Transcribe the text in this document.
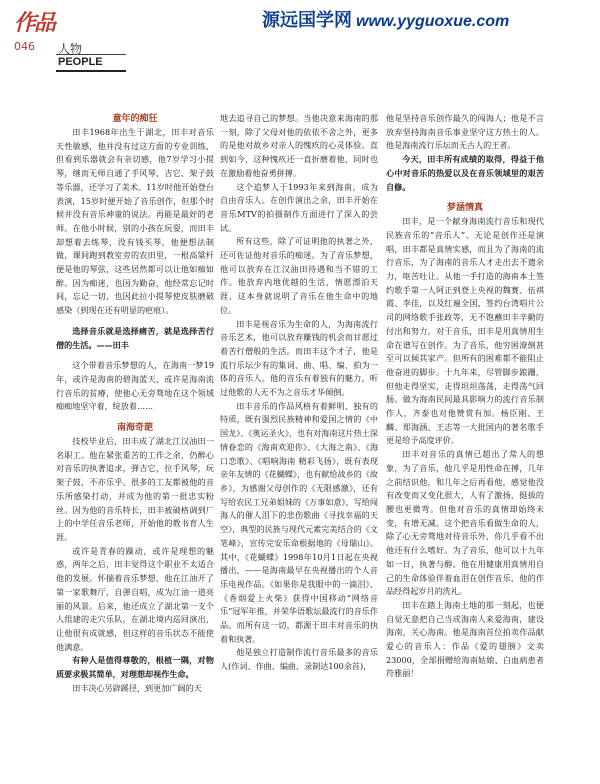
作品
046 人物
PEOPLE
源远国学网 www.yyguoxue.com
童年的痴狂

田丰1968年出生于湖北，田丰对音乐天性敏感，他并没有过这方面的专业训练，但看到乐器就会有亲切感，他7岁学习小提琴，继而无师自通了手风琴、吉它、架子鼓等乐器，还学习了美术。11岁时他开始登台表演，15岁时便开始了音乐创作，但那个时候并没有音乐神童的说法。再能是最好的老师。在他小时候，别的小孩在玩耍，而田丰却想着去练琴，没有钱买琴，他便想法制做，课间跑到教室旁的农田里，一根高粱杆便是他的琴弦，这些居然都可以让他如痴如醉。因为痴迷，也因为勤奋，他经常忘记时间，忘记一切，也因此拉小提琴使皮肤磨破感染（到现在还有明显的疤痕）。

选择音乐就是选择痛苦，就是选择苦行僧的生活。——田丰

这个带着音乐梦想的人，在海南一梦19年，或许是海南的碧海蓝天，或许是海南流行音乐的贫瘠，使他心无旁骛地在这个领域痴痴地坚守着，绽放着……

南海奇葩

技校毕业后，田丰成了湖北江汉油田一名职工。他在紧张重苦的工作之余，仍醉心对音乐的执著追求，弹吉它，拉手风琴，玩架子鼓，不亦乐乎。很多的工友都被他的音乐所感染打动，并成为他的第一批忠实粉丝。因为他的音乐特长，田丰被破格调到厂上的中学任音乐老师，开始他的教书育人生涯。

或许是青春的躁动，或许是理想的魅惑，两年之后，田丰觉得这个职业不太适合他的发展。怀揣着音乐梦想，他在江油开了第一家歌舞厅，自弹自唱，成为江油一道亮丽的风景。后来，他还成立了湖北第一支个人组建的走穴乐队，在湖北境内巡回演出，让他很有成就感，但这样的音乐状态不能使他满意。

有种人是值得尊敬的，根植一隅，对物质要求极其简单，对理想却视作生命。

田丰决心另辟蹊径，到更加广阔的天

地去追寻自己的梦想。当他决意来海南的那一刻，除了父母对他的依依不舍之外，更多的是他对故乡对亲人的愧疚的心灵体验。直到如今，这种愧疚还一直折磨着他，同时也在激励着他奋勇拼搏。

这个追梦人于1993年来到海南，成为自由音乐人。在创作演出之余，田丰开始在音乐MTV的拍摄制作方面进行了深入的尝试。

所有这些，除了可证明他的执著之外，还可佐证他对音乐的痴迷。为了音乐梦想，他可以放弃在江汉油田待遇和当不错的工作。他放弃内地优越的生活，情愿漂泊天涯，这本身就说明了音乐在他生命中的地位。

田丰是视音乐为生命的人，为海南流行音乐艺术，他可以放弃赚钱的机会而甘愿过着苦行僧般的生活。而田丰这个才子，他是流行乐坛少有的集词、曲、唱、编、拍为一体的音乐人。他的音乐有着独有的魅力，听过他歌的人无不为之音乐才华倾倒。

田丰音乐的作品风格有着鲜明、独有的特质，既有强烈民族精神和爱国之情的《中国龙》、《奥运圣火》，也有对海南这片热土深情眷恋的《海南欢迎你》、《大海之南》、《海口恋歌》、《唱响海南 精彩飞扬》，既有表现亲年友情的《花蝴蝶》，也有献给战乡的《故乡》，为感谢父母创作的《无限感激》，还有写给农民工兄弟姐妹的《万事如意》，写给闯海人的催人泪下的悲伤歌曲《寻找幸福的天空》，典型的民族与现代元素完美结合的《文笔峰》，宣传完安乐命根据地的《母瑞山》。其中，《花蝴蝶》1998年10月1日起在央视播出，——是海南最早在央视播出的个人音乐电视作品。《如果你是我眼中的一滴泪》、《香烟爱上火柴》获得中国移动“网络音乐”冠军年推，并荣华语歌坛最流行的音乐作品。而所有这一切，都源于田丰对音乐的执着和执著。

他是独立打造制作流行音乐最多的音乐人(作词、作曲、编曲、录制达100余首)，

他是坚持音乐创作最久的闯海人；他是不言放弃坚持海南音乐事业坚守这方热土的人。他是海南流行乐坛而无古人的王者。

今天，田丰所有成绩的取得，得益于他心中对音乐的热爱以及在音乐领域里的艰苦自修。

梦涵情真

田丰，是一个献身海南流行音乐和现代民族音乐的“音乐人”。无论是创作还是演唱，田丰都是真情实感，而且为了海南的流行音乐，为了海南的音乐人才走出去不遗余力，呕苦吐让。从他一手打造的海南本土签约歌手第一人阿正到登上央视的魏赛、伍祺霞、李佳，以及红遍全国、签约台湾唱片公司的网络歌手张政等，无不饱蘸田丰辛勤的付出和努力。对于音乐，田丰是用真情用生命在谱写在创作。为了音乐，他穷困潦倒甚至可以倾其家产。但所有的困难都不能阻止他奋进的脚步。十九年来，尽管脚步踉跚，但他走得坚实，走得坦坦荡荡，走得荡气回肠。做为海南民间最具影响力的流行音乐制作人，齐泰也对他赞赏有加。杨臣刚、王麟、郑海涵、王志等一大批国内的著名歌手更是给予高度评价。

田丰对音乐的真情已超出了常人的想象，为了音乐，他几乎是用性命在搏，几年之前结识他，和几年之后再看他，感觉他没有改变而又变化很大，人有了激扬，挺拔的腰也更微弯。但他对音乐的真情却始终未变，有增无减。这个把音乐看做生命的人，除了心无旁骛地对待音乐外，你几乎看不出他还有什么嗜好。为了音乐，他可以十九年如一日，执著与醇。他在用健康用真情用自己的生命体验伴着血泪在创作音乐，他的作品经得起岁月的洗礼。

田丰在踏上海南土地的那一刻起，也便自觉无意把自己当成海南人来爱海南，建设海南，关心海南。他是海南首位拍卖作品献爱心的音乐人：作品《爱的翅膀》文卖23000，全部捐赠给海南姑娘、白血病患者符雅丽！
